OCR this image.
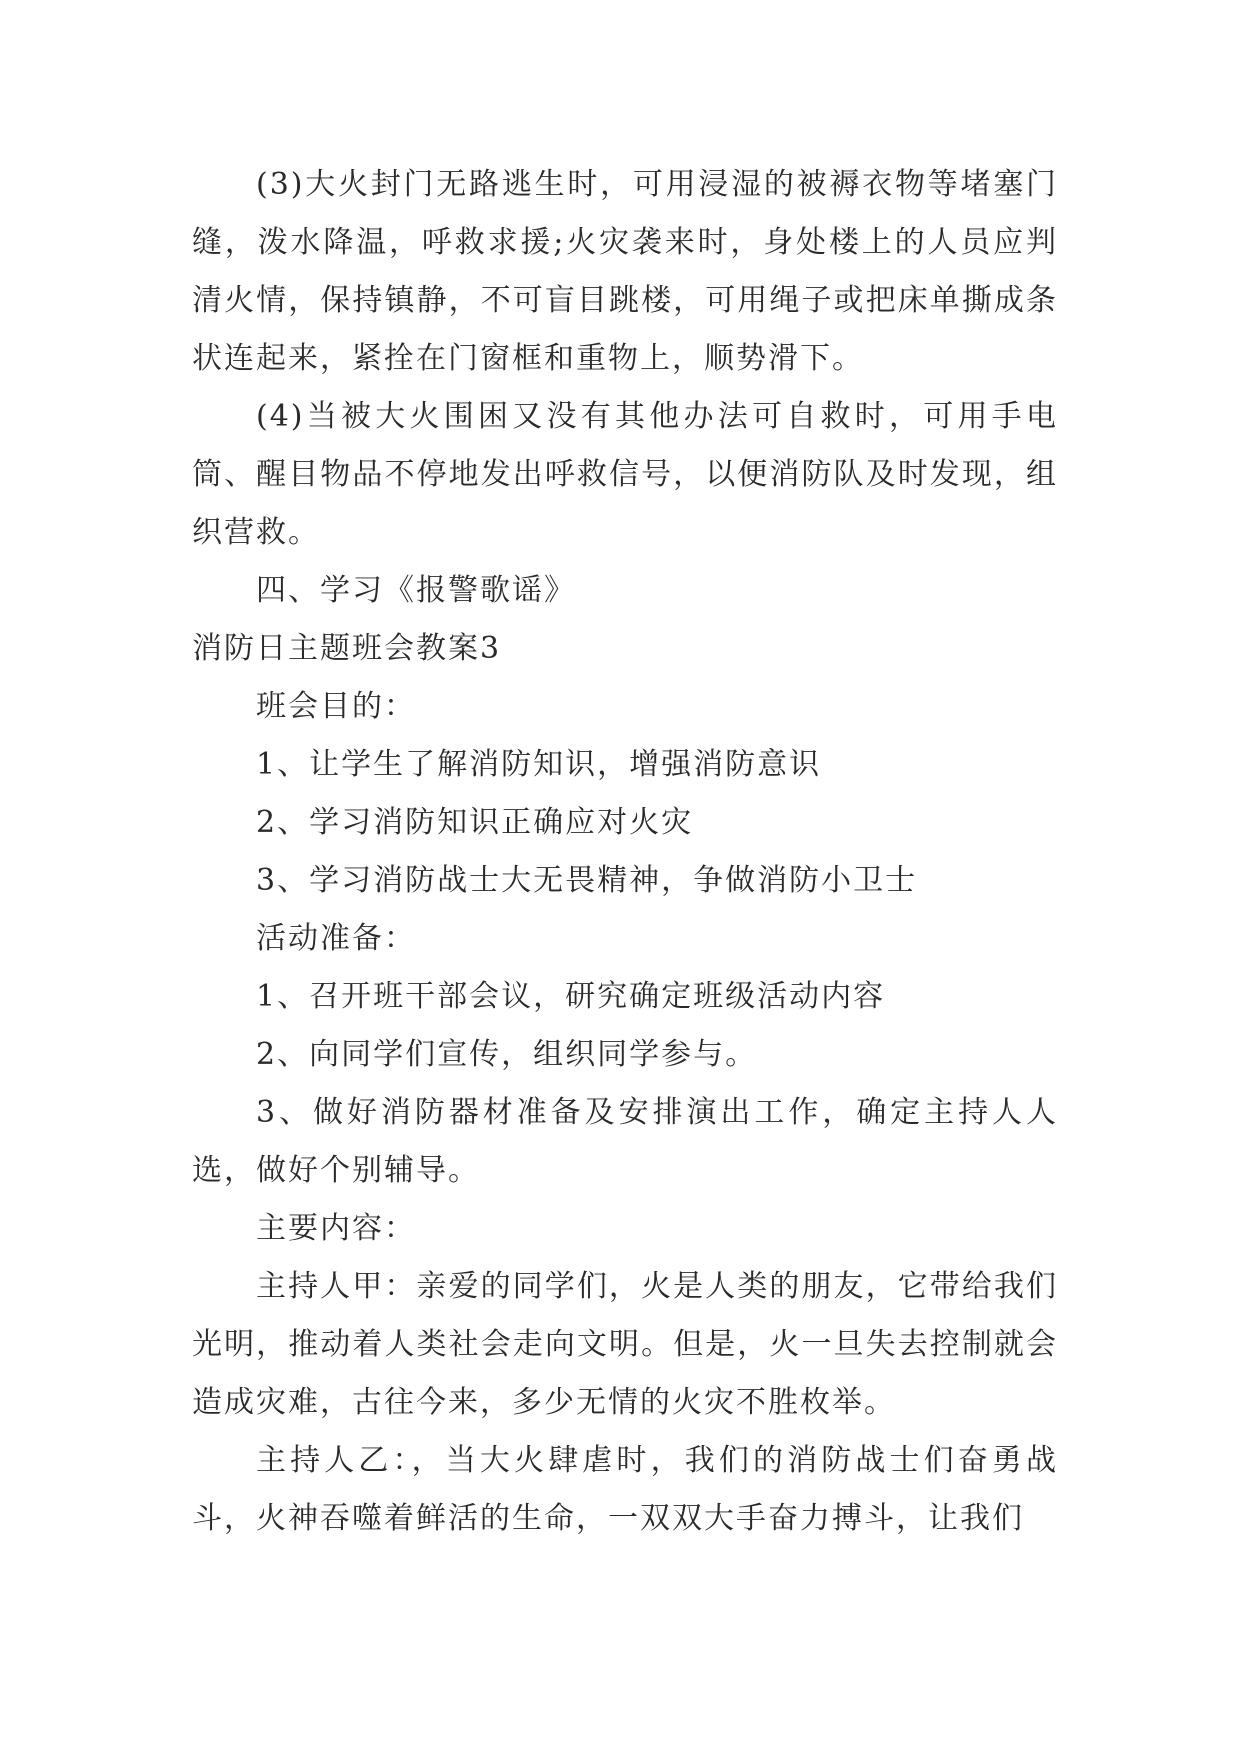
(3)大火封门无路逃生时，可用浸湿的被褥衣物等堵塞门缝，泼水降温，呼救求援;火灾袭来时，身处楼上的人员应判清火情，保持镇静，不可盲目跳楼，可用绳子或把床单撕成条状连起来，紧拴在门窗框和重物上，顺势滑下。

(4)当被大火围困又没有其他办法可自救时，可用手电筒、醒目物品不停地发出呼救信号，以便消防队及时发现，组织营救。

四、学习《报警歌谣》

消防日主题班会教案3

班会目的：

1、让学生了解消防知识，增强消防意识

2、学习消防知识正确应对火灾

3、学习消防战士大无畏精神，争做消防小卫士

活动准备：

1、召开班干部会议，研究确定班级活动内容

2、向同学们宣传，组织同学参与。

3、做好消防器材准备及安排演出工作，确定主持人人选，做好个别辅导。

主要内容：

主持人甲：亲爱的同学们，火是人类的朋友，它带给我们光明，推动着人类社会走向文明。但是，火一旦失去控制就会造成灾难，古往今来，多少无情的火灾不胜枚举。

主持人乙：，当大火肆虐时，我们的消防战士们奋勇战斗，火神吞噬着鲜活的生命，一双双大手奋力搏斗，让我们
